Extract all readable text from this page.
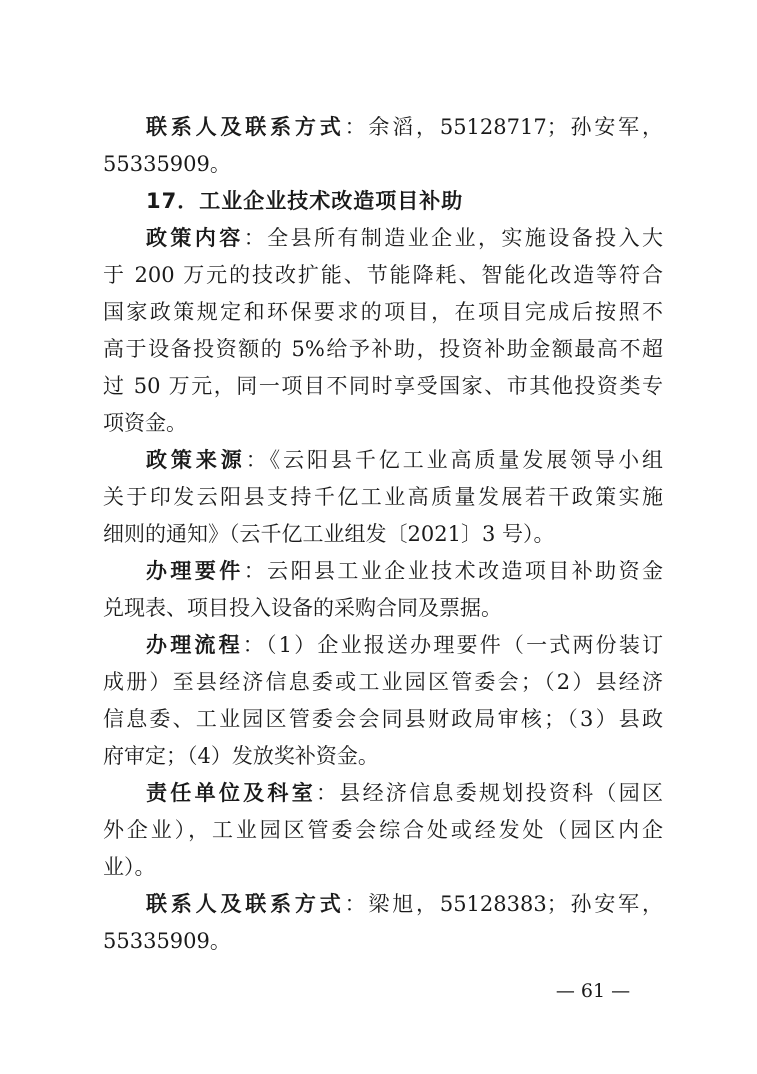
联系人及联系方式：余滔，55128717；孙安军，
55335909。
17．工业企业技术改造项目补助
政策内容：全县所有制造业企业，实施设备投入大
于 200 万元的技改扩能、节能降耗、智能化改造等符合
国家政策规定和环保要求的项目，在项目完成后按照不
高于设备投资额的 5%给予补助，投资补助金额最高不超
过 50 万元，同一项目不同时享受国家、市其他投资类专
项资金。
政策来源：《云阳县千亿工业高质量发展领导小组
关于印发云阳县支持千亿工业高质量发展若干政策实施
细则的通知》（云千亿工业组发〔2021〕3 号）。
办理要件：云阳县工业企业技术改造项目补助资金
兑现表、项目投入设备的采购合同及票据。
办理流程：（1）企业报送办理要件（一式两份装订
成册）至县经济信息委或工业园区管委会；（2）县经济
信息委、工业园区管委会会同县财政局审核；（3）县政
府审定；（4）发放奖补资金。
责任单位及科室：县经济信息委规划投资科（园区
外企业），工业园区管委会综合处或经发处（园区内企
业）。
联系人及联系方式：梁旭，55128383；孙安军，
55335909。
— 61 —
